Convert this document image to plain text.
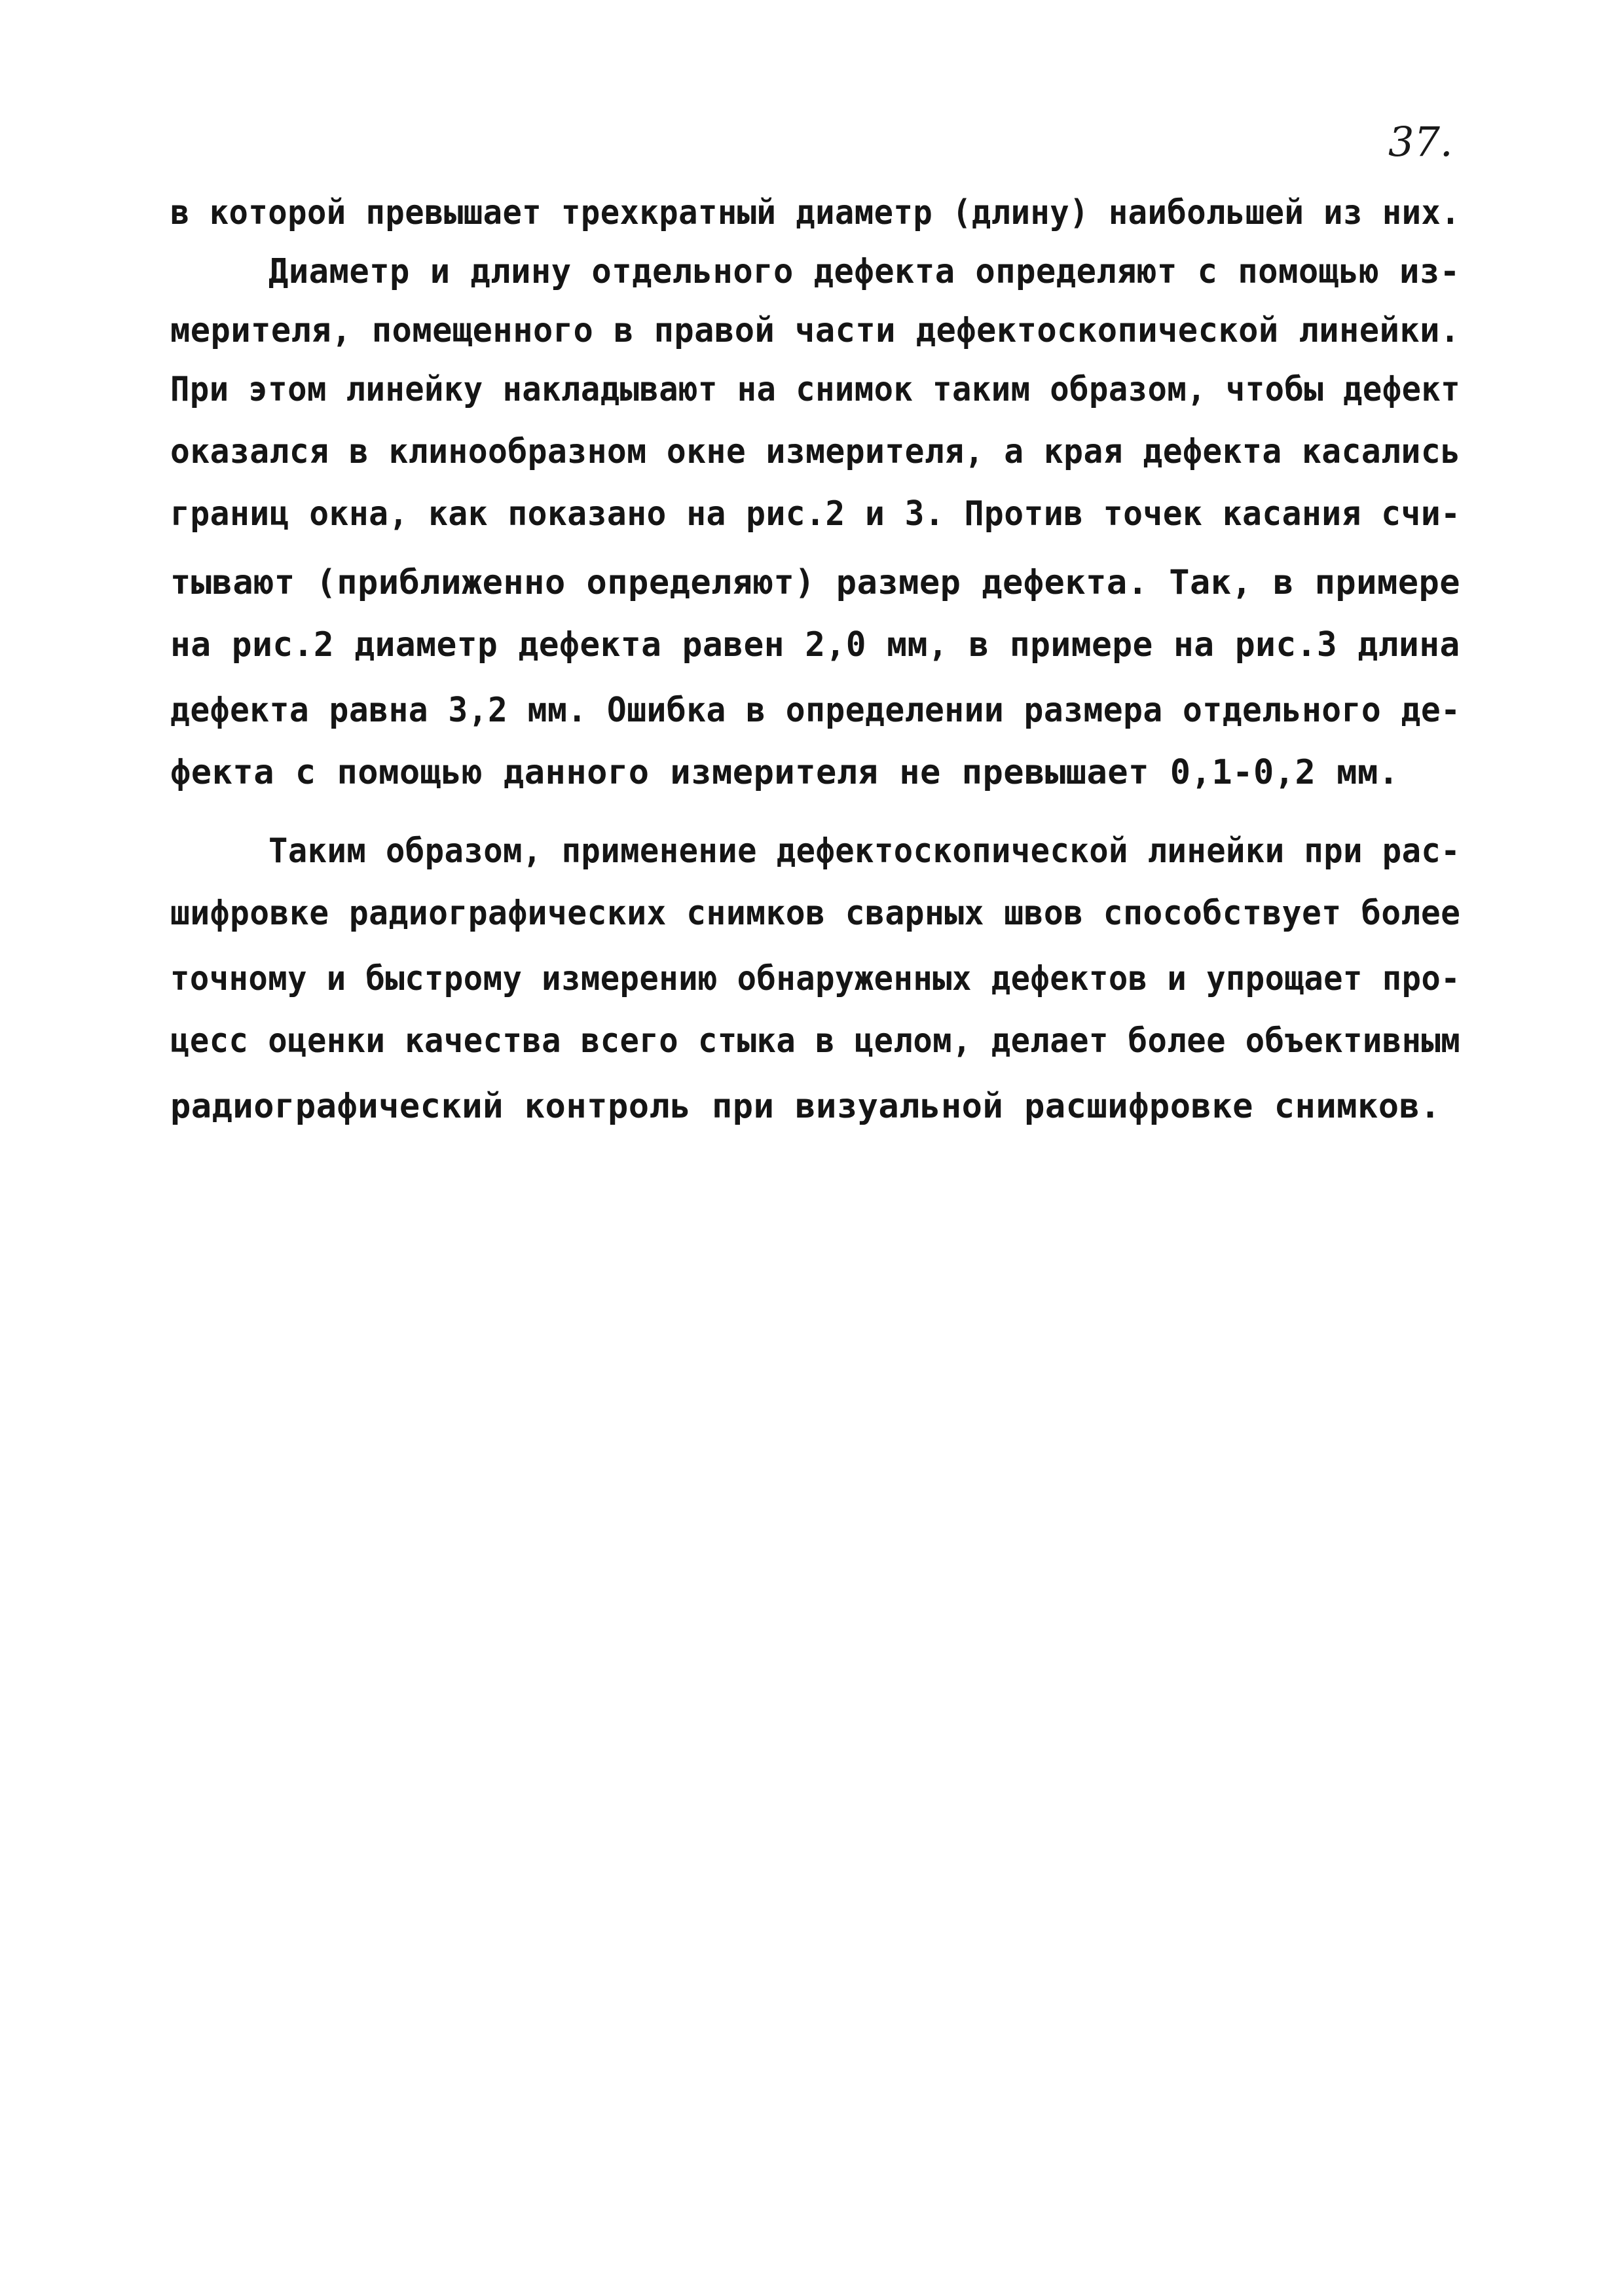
37.
в которой превышает трехкратный диаметр (длину) наибольшей из них.
Диаметр и длину отдельного дефекта определяют с помощью из-
мерителя, помещенного в правой части дефектоскопической линейки.
При этом линейку накладывают на снимок таким образом, чтобы дефект
оказался в клинообразном окне измерителя, а края дефекта касались
границ окна, как показано на рис.2 и 3. Против точек касания счи-
тывают (приближенно определяют) размер дефекта. Так, в примере
на рис.2 диаметр дефекта равен 2,0 мм, в примере на рис.3 длина
дефекта равна 3,2 мм. Ошибка в определении размера отдельного де-
фекта с помощью данного измерителя не превышает 0,1-0,2 мм.
Таким образом, применение дефектоскопической линейки при рас-
шифровке радиографических снимков сварных швов способствует более
точному и быстрому измерению обнаруженных дефектов и упрощает про-
цесс оценки качества всего стыка в целом, делает более объективным
радиографический контроль при визуальной расшифровке снимков.
